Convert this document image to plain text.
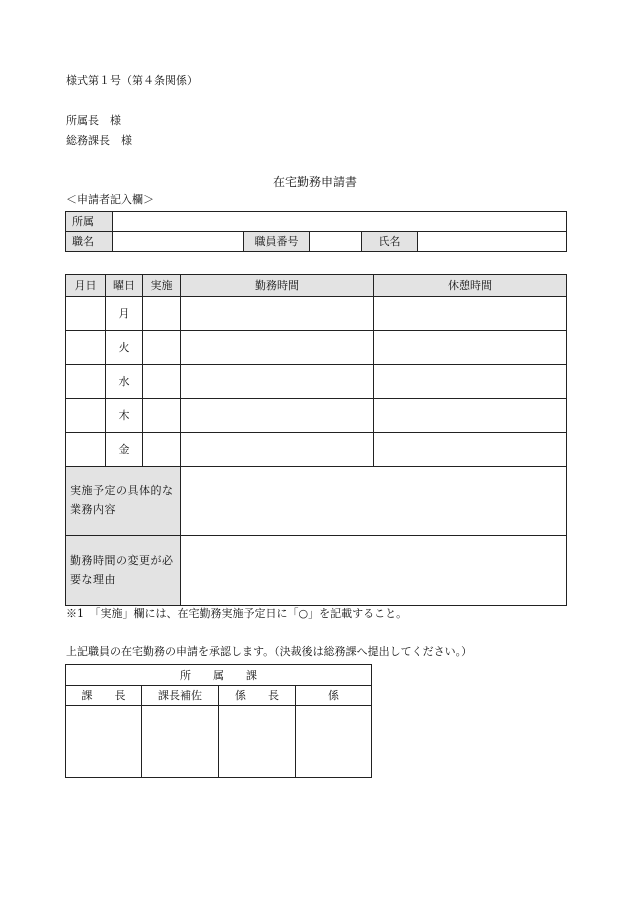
様式第１号（第４条関係）
所属長　様
総務課長　様
在宅勤務申請書
＜申請者記入欄＞
所属					
職名		職員番号		氏名	
月日	曜日	実施	勤務時間	休憩時間
	月			
	火			
	水			
	木			
	金			
実施予定の具体的な業務内容				
勤務時間の変更が必要な理由				
※1　「実施」欄には、在宅勤務実施予定日に「○」を記載すること。
上記職員の在宅勤務の申請を承認します。（決裁後は総務課へ提出してください。）
所　　属　　課			
課　　長	課長補佐	係　　長	係
